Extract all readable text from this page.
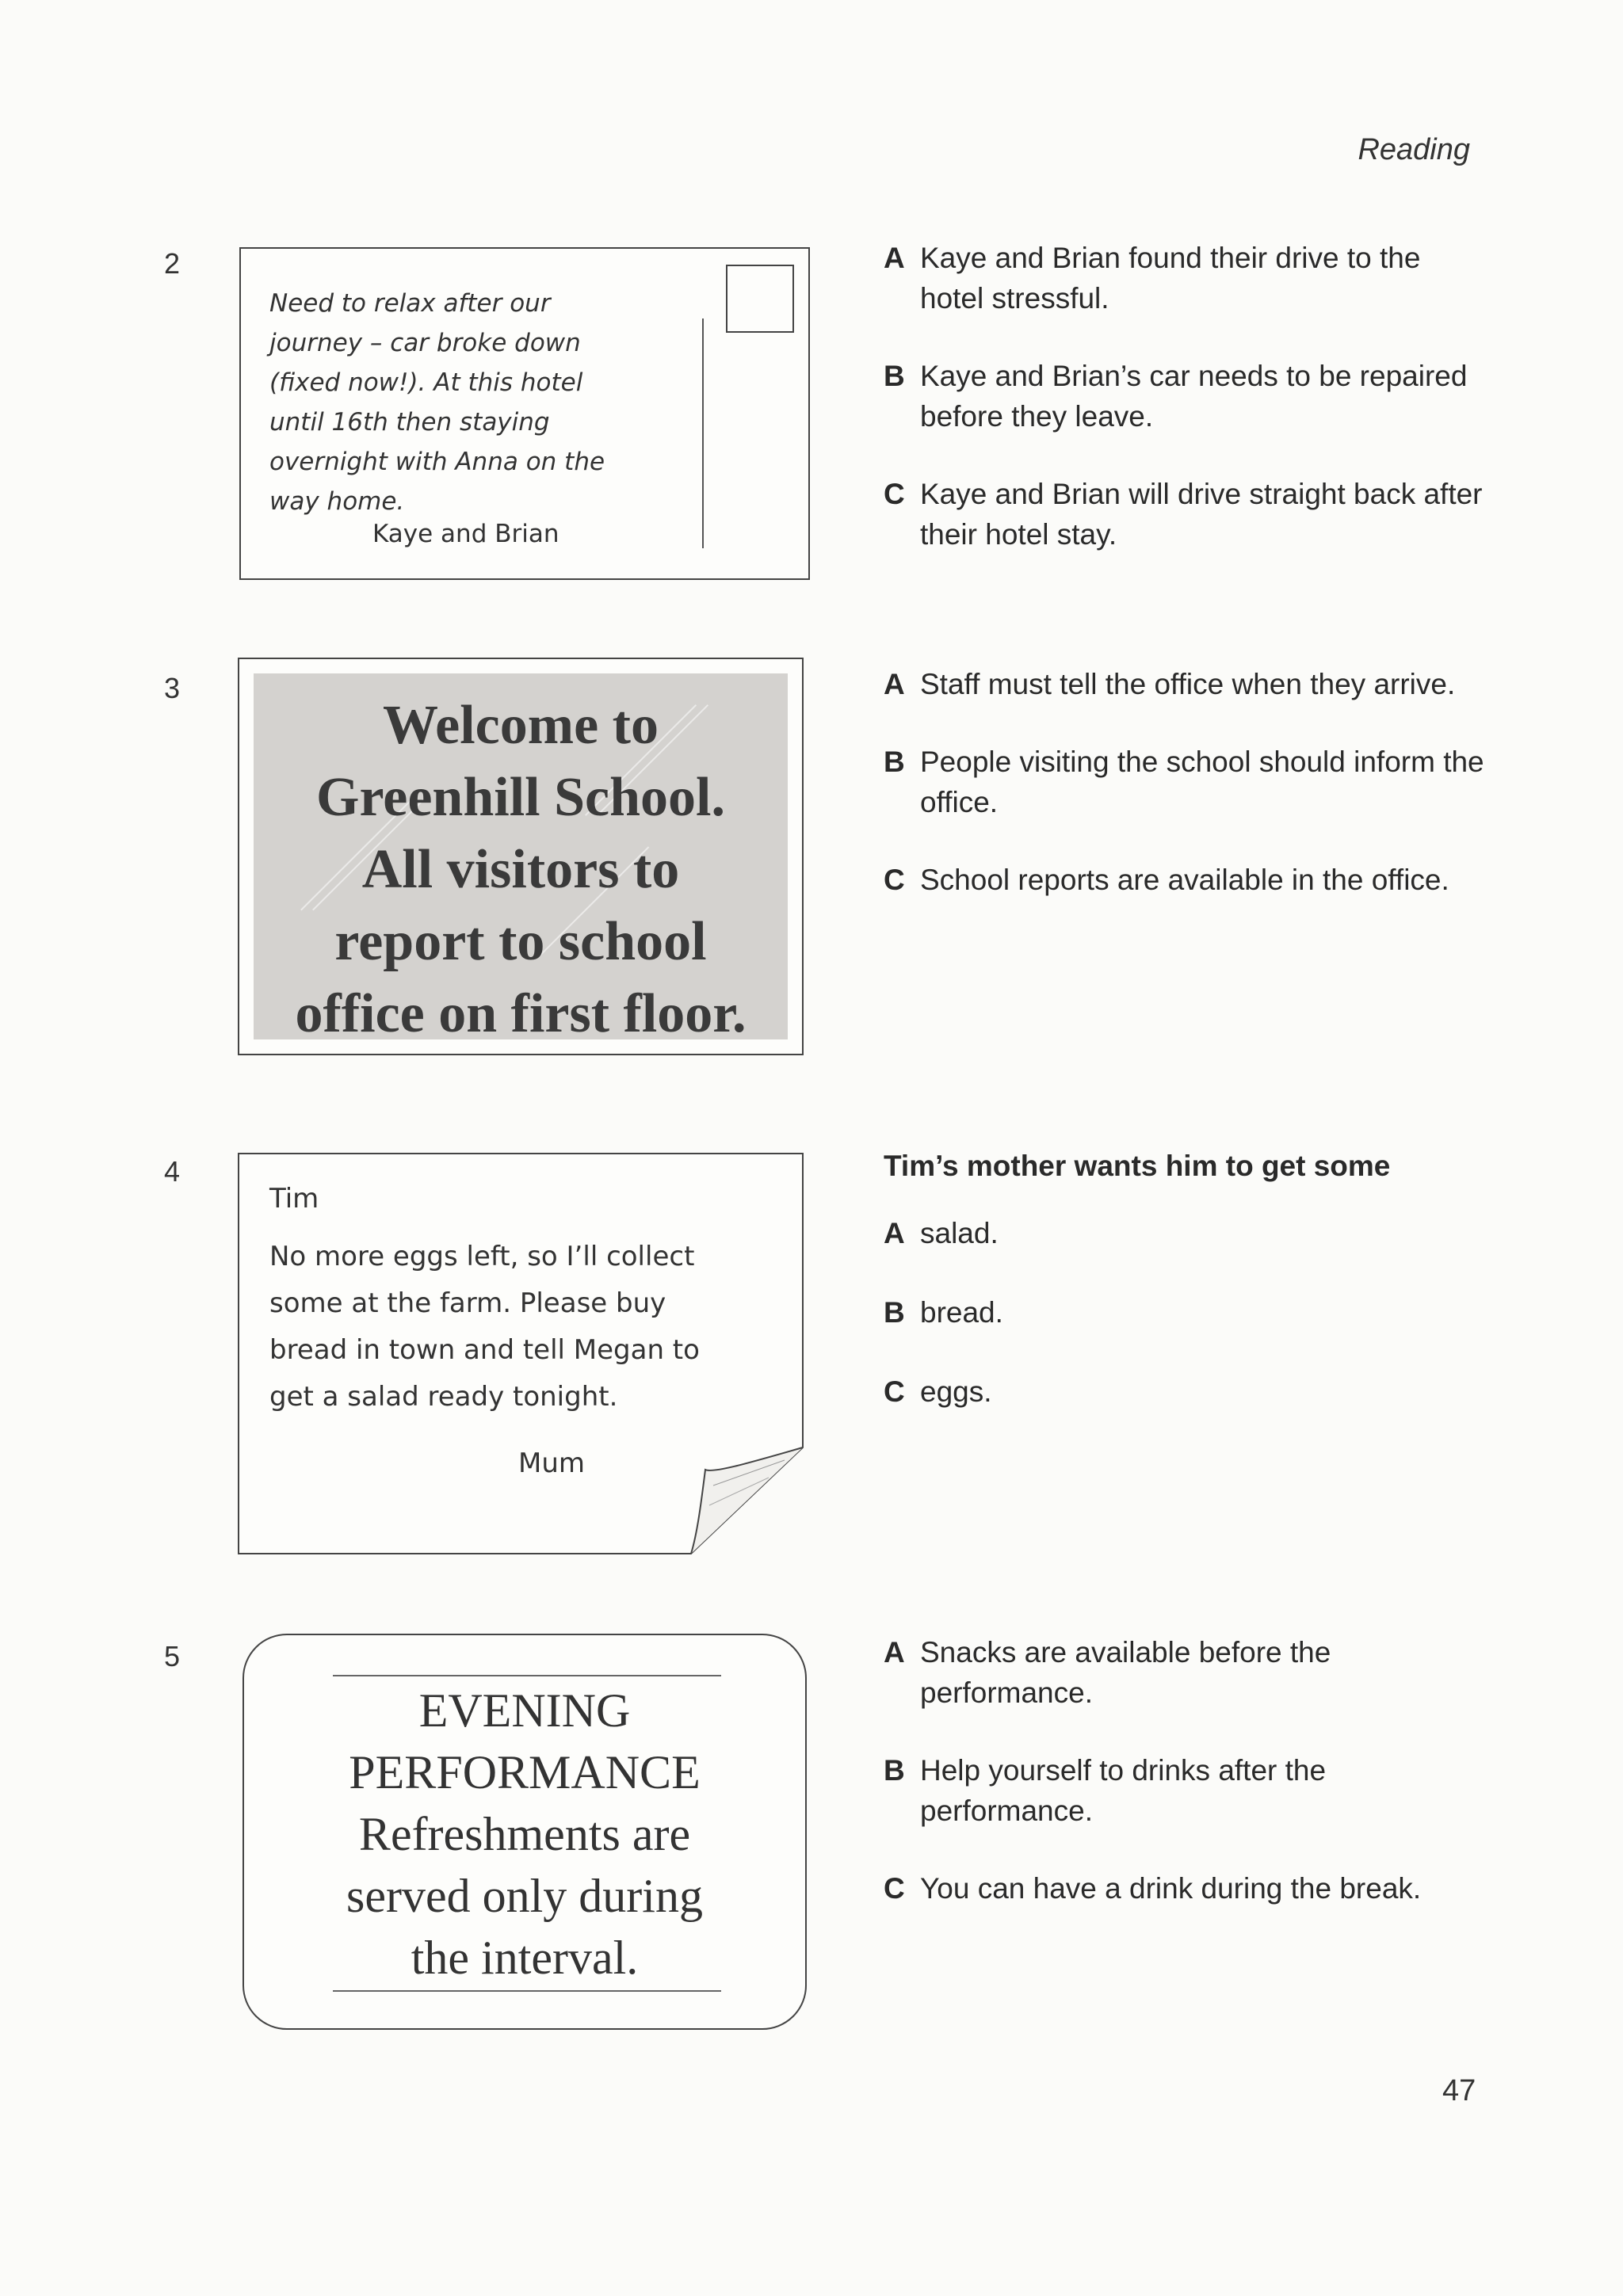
Reading
47
2
Need to relax after our
journey – car broke down
(fixed now!). At this hotel
until 16th then staying
overnight with Anna on the
way home.
Kaye and Brian
A Kaye and Brian found their drive to the hotel stressful.
B Kaye and Brian’s car needs to be repaired before they leave.
C Kaye and Brian will drive straight back after their hotel stay.
3
Welcome to
Greenhill School.
All visitors to
report to school
office on first floor.
A Staff must tell the office when they arrive.
B People visiting the school should inform the office.
C School reports are available in the office.
4
Tim
No more eggs left, so I’ll collect
some at the farm. Please buy
bread in town and tell Megan to
get a salad ready tonight.
Mum
Tim’s mother wants him to get some
A salad.
B bread.
C eggs.
5
EVENING
PERFORMANCE
Refreshments are
served only during
the interval.
A Snacks are available before the performance.
B Help yourself to drinks after the performance.
C You can have a drink during the break.
